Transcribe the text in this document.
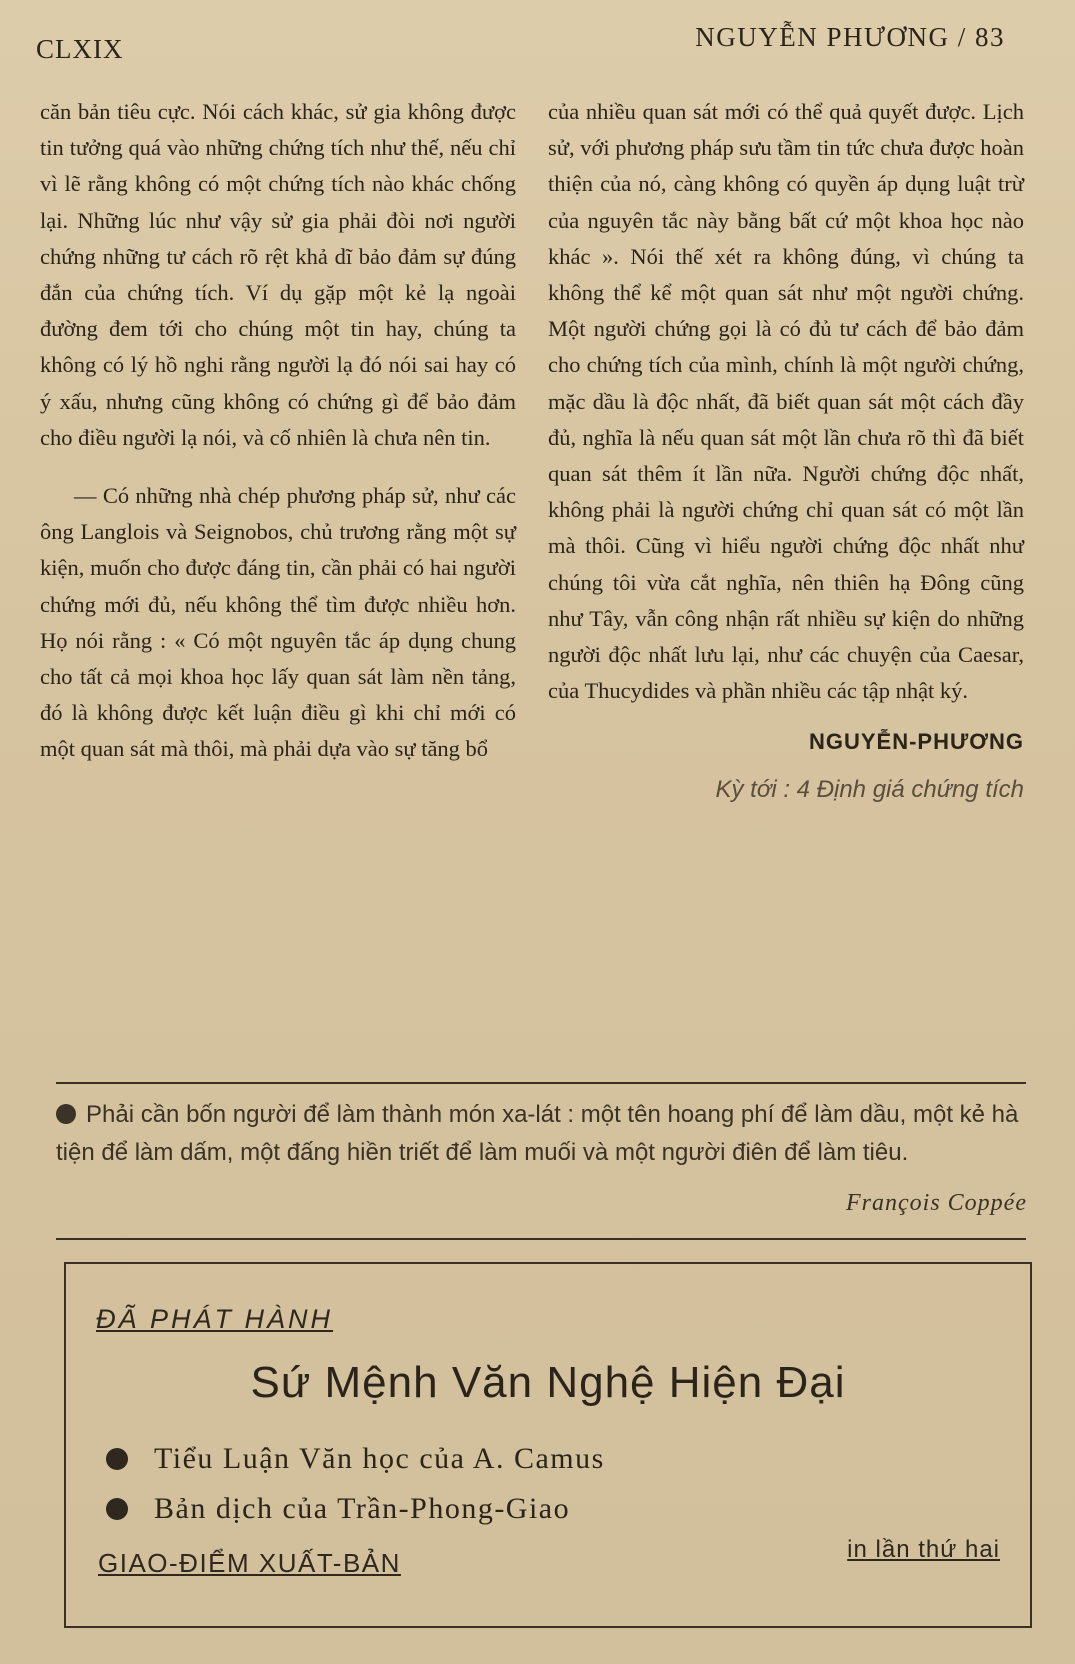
CLXIX	NGUYỄN PHƯƠNG / 83

căn bản tiêu cực. Nói cách khác, sử gia không được tin tưởng quá vào những chứng tích như thế, nếu chỉ vì lẽ rằng không có một chứng tích nào khác chống lại. Những lúc như vậy sử gia phải đòi nơi người chứng những tư cách rõ rệt khả dĩ bảo đảm sự đúng đắn của chứng tích. Ví dụ gặp một kẻ lạ ngoài đường đem tới cho chúng một tin hay, chúng ta không có lý hồ nghi rằng người lạ đó nói sai hay có ý xấu, nhưng cũng không có chứng gì để bảo đảm cho điều người lạ nói, và cố nhiên là chưa nên tin.

— Có những nhà chép phương pháp sử, như các ông Langlois và Seignobos, chủ trương rằng một sự kiện, muốn cho được đáng tin, cần phải có hai người chứng mới đủ, nếu không thể tìm được nhiều hơn. Họ nói rằng : « Có một nguyên tắc áp dụng chung cho tất cả mọi khoa học lấy quan sát làm nền tảng, đó là không được kết luận điều gì khi chỉ mới có một quan sát mà thôi, mà phải dựa vào sự tăng bổ

của nhiều quan sát mới có thể quả quyết được. Lịch sử, với phương pháp sưu tầm tin tức chưa được hoàn thiện của nó, càng không có quyền áp dụng luật trừ của nguyên tắc này bằng bất cứ một khoa học nào khác ». Nói thế xét ra không đúng, vì chúng ta không thể kể một quan sát như một người chứng. Một người chứng gọi là có đủ tư cách để bảo đảm cho chứng tích của mình, chính là một người chứng, mặc dầu là độc nhất, đã biết quan sát một cách đầy đủ, nghĩa là nếu quan sát một lần chưa rõ thì đã biết quan sát thêm ít lần nữa. Người chứng độc nhất, không phải là người chứng chỉ quan sát có một lần mà thôi. Cũng vì hiểu người chứng độc nhất như chúng tôi vừa cắt nghĩa, nên thiên hạ Đông cũng như Tây, vẫn công nhận rất nhiều sự kiện do những người độc nhất lưu lại, như các chuyện của Caesar, của Thucydides và phần nhiều các tập nhật ký.

NGUYỄN-PHƯƠNG
Kỳ tới : 4 Định giá chứng tích
Phải cần bốn người để làm thành món xa-lát : một tên hoang phí để làm dầu, một kẻ hà tiện để làm dấm, một đấng hiền triết để làm muối và một người điên để làm tiêu.
François Coppée
ĐÃ PHÁT HÀNH
Sứ Mệnh Văn Nghệ Hiện Đại
Tiểu Luận Văn học của A. Camus
Bản dịch của Trần-Phong-Giao
GIAO-ĐIỂM XUẤT-BẢN	in lần thứ hai
